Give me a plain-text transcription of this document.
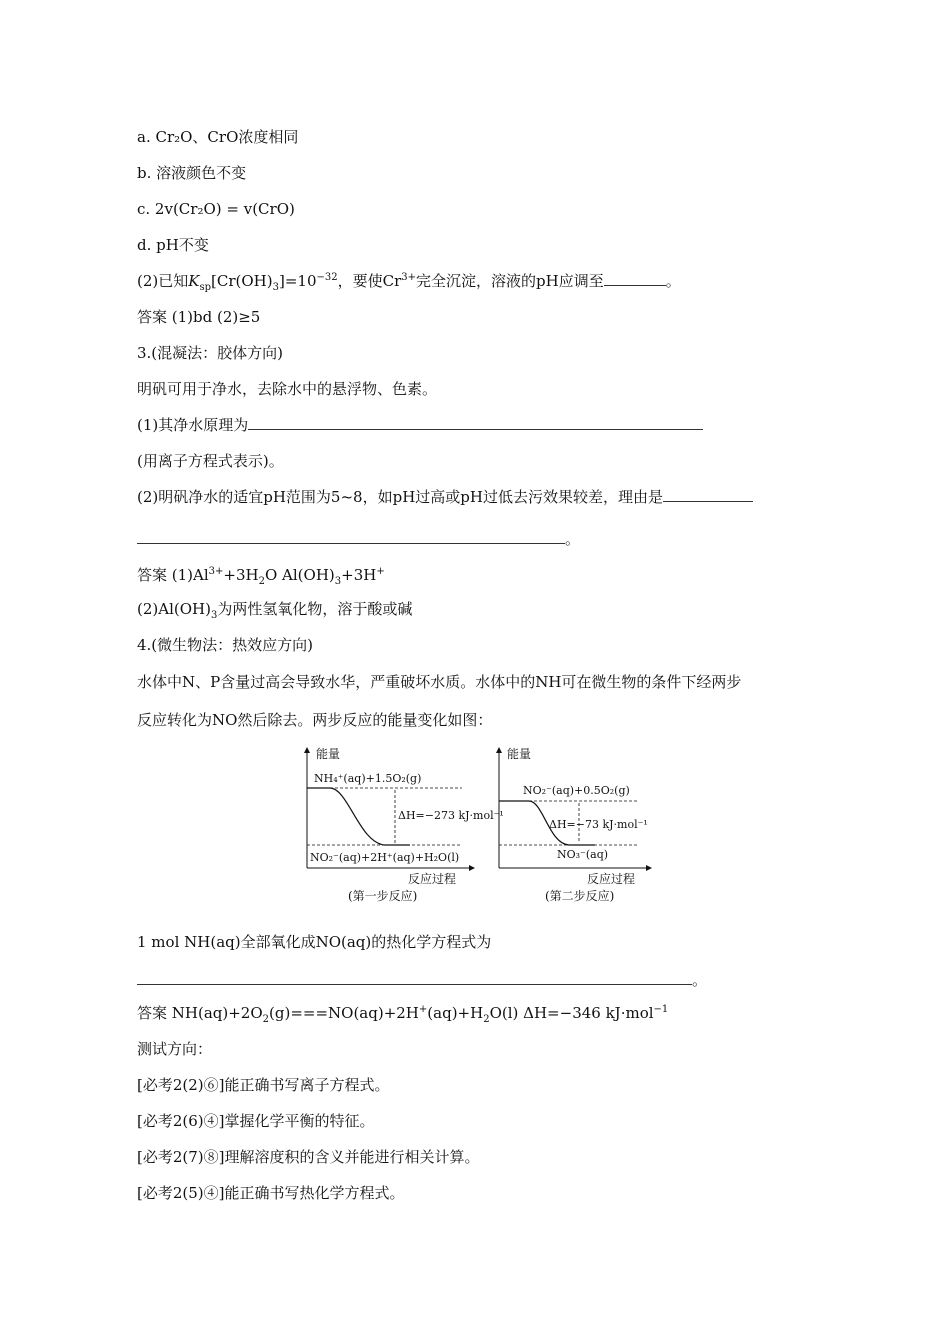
a. Cr₂O、CrO浓度相同
b. 溶液颜色不变
c. 2v(Cr₂O) = v(CrO)
d. pH不变
(2)已知$K_{sp}[Cr(OH)_3]=10^{-32}$，要使$Cr^{3+}$完全沉淀，溶液的pH应调至	。
答案 (1)bd (2)≥5
3.(混凝法：胶体方向)
明矾可用于净水，去除水中的悬浮物、色素。
(1)其净水原理为
(用离子方程式表示)。
(2)明矾净水的适宜pH范围为5~8，如pH过高或pH过低去污效果较差，理由是
。
答案 $(1)Al^{3+}+3H_2O$ $Al(OH)_3+3H^+$
$(2)Al(OH)_3$为两性氢氧化物，溶于酸或碱
4.(微生物法：热效应方向)
水体中N、P含量过高会导致水华，严重破坏水质。水体中的NH可在微生物的条件下经两步
反应转化为NO然后除去。两步反应的能量变化如图：
能量
NH₄⁺(aq)+1.5O₂(g)
ΔH=−273 kJ·mol⁻¹
NO₂⁻(aq)+2H⁺(aq)+H₂O(l)
反应过程
(第一步反应)
能量
NO₂⁻(aq)+0.5O₂(g)
ΔH=−73 kJ·mol⁻¹
NO₃⁻(aq)
反应过程
(第二步反应)
1 mol NH(aq)全部氧化成NO(aq)的热化学方程式为
。
答案 $NH(aq)+2O_2(g)===NO(aq)+2H^+(aq)+H_2O(l)$ ΔH=−346 kJ·mol$^{-1}$
测试方向：
[必考2(2)⑥]能正确书写离子方程式。
[必考2(6)④]掌握化学平衡的特征。
[必考2(7)⑧]理解溶度积的含义并能进行相关计算。
[必考2(5)④]能正确书写热化学方程式。
